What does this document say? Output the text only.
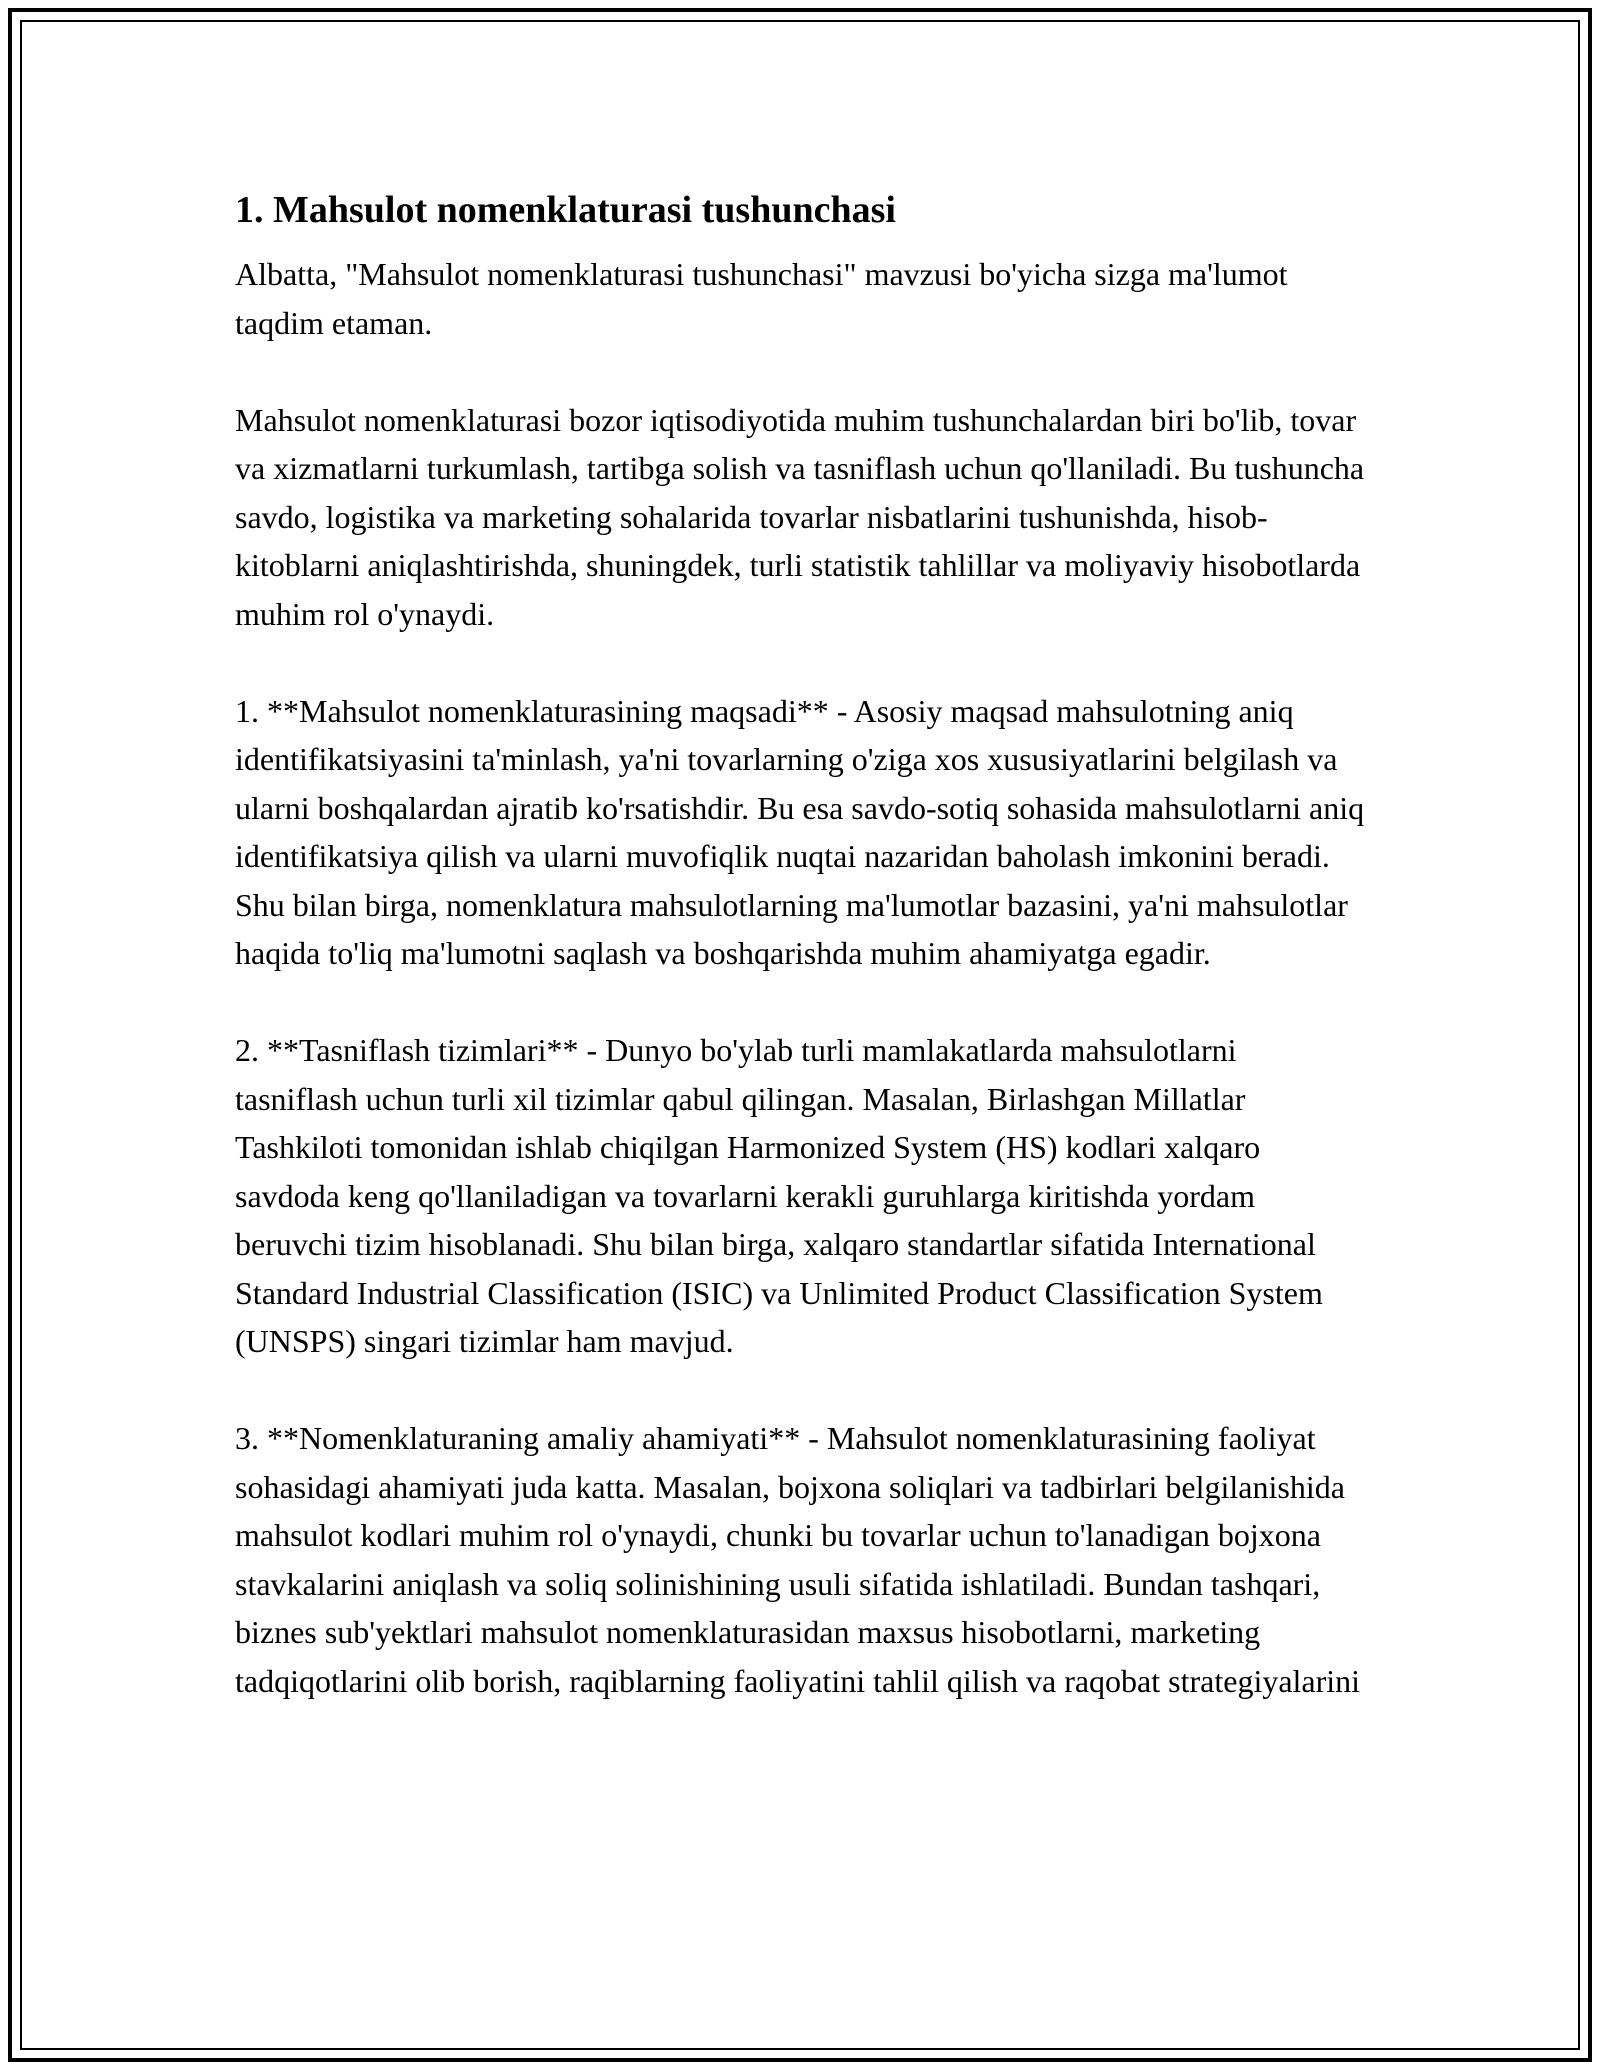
1. Mahsulot nomenklaturasi tushunchasi

Albatta, "Mahsulot nomenklaturasi tushunchasi" mavzusi bo'yicha sizga ma'lumot taqdim etaman.

Mahsulot nomenklaturasi bozor iqtisodiyotida muhim tushunchalardan biri bo'lib, tovar va xizmatlarni turkumlash, tartibga solish va tasniflash uchun qo'llaniladi. Bu tushuncha savdo, logistika va marketing sohalarida tovarlar nisbatlarini tushunishda, hisob-kitoblarni aniqlashtirishda, shuningdek, turli statistik tahlillar va moliyaviy hisobotlarda muhim rol o'ynaydi.

1. **Mahsulot nomenklaturasining maqsadi** - Asosiy maqsad mahsulotning aniq identifikatsiyasini ta'minlash, ya'ni tovarlarning o'ziga xos xususiyatlarini belgilash va ularni boshqalardan ajratib ko'rsatishdir. Bu esa savdo-sotiq sohasida mahsulotlarni aniq identifikatsiya qilish va ularni muvofiqlik nuqtai nazaridan baholash imkonini beradi. Shu bilan birga, nomenklatura mahsulotlarning ma'lumotlar bazasini, ya'ni mahsulotlar haqida to'liq ma'lumotni saqlash va boshqarishda muhim ahamiyatga egadir.

2. **Tasniflash tizimlari** - Dunyo bo'ylab turli mamlakatlarda mahsulotlarni tasniflash uchun turli xil tizimlar qabul qilingan. Masalan, Birlashgan Millatlar Tashkiloti tomonidan ishlab chiqilgan Harmonized System (HS) kodlari xalqaro savdoda keng qo'llaniladigan va tovarlarni kerakli guruhlarga kiritishda yordam beruvchi tizim hisoblanadi. Shu bilan birga, xalqaro standartlar sifatida International Standard Industrial Classification (ISIC) va Unlimited Product Classification System (UNSPS) singari tizimlar ham mavjud.

3. **Nomenklaturaning amaliy ahamiyati** - Mahsulot nomenklaturasining faoliyat sohasidagi ahamiyati juda katta. Masalan, bojxona soliqlari va tadbirlari belgilanishida mahsulot kodlari muhim rol o'ynaydi, chunki bu tovarlar uchun to'lanadigan bojxona stavkalarini aniqlash va soliq solinishining usuli sifatida ishlatiladi. Bundan tashqari, biznes sub'yektlari mahsulot nomenklaturasidan maxsus hisobotlarni, marketing tadqiqotlarini olib borish, raqiblarning faoliyatini tahlil qilish va raqobat strategiyalarini
